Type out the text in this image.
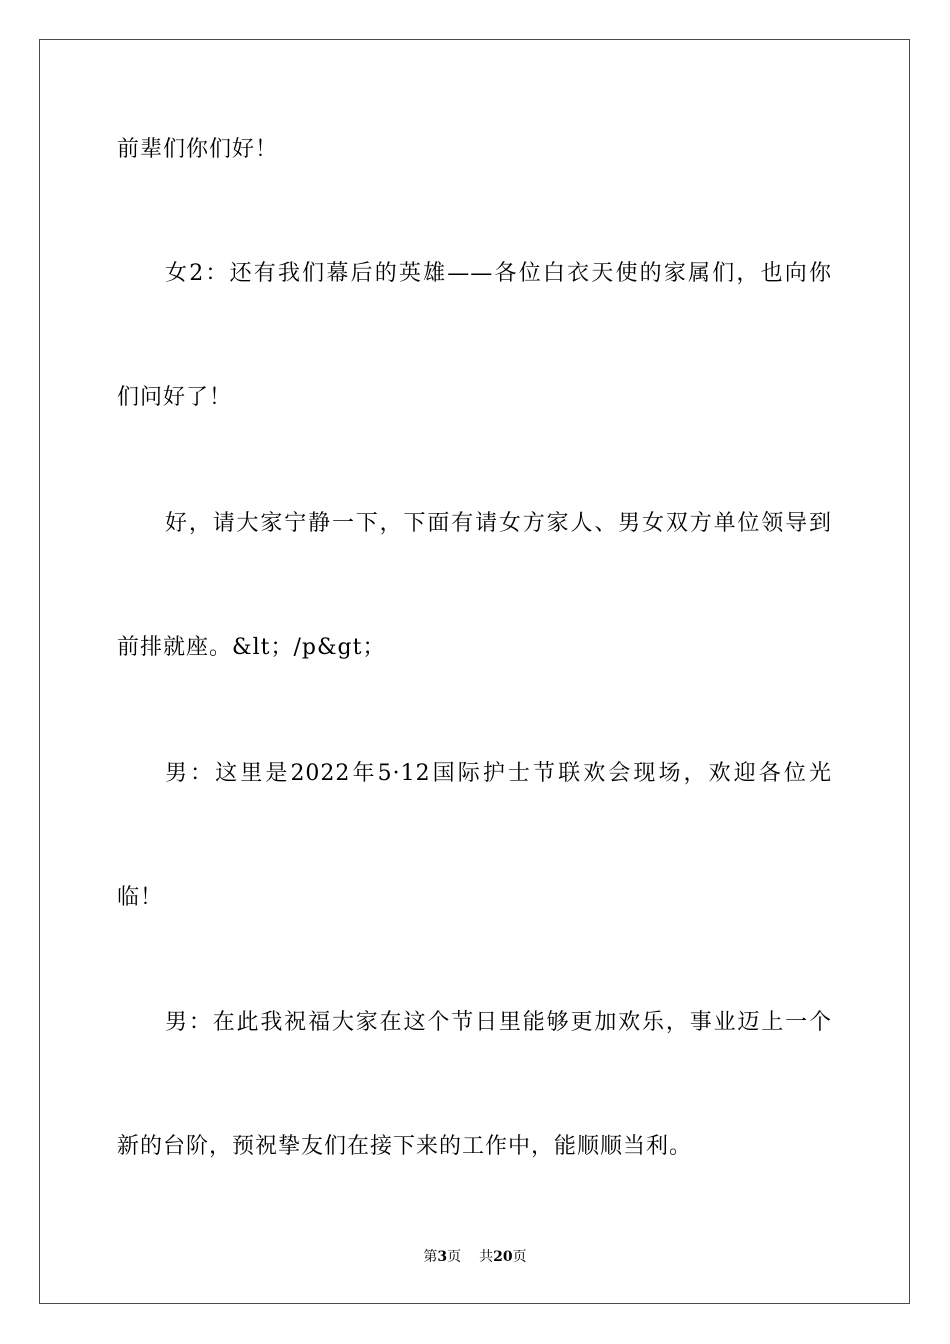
前辈们你们好！
女2：还有我们幕后的英雄——各位白衣天使的家属们，也向你
们问好了！
好，请大家宁静一下，下面有请女方家人、男女双方单位领导到
前排就座。&lt；/p&gt；
男：这里是2022年5·12国际护士节联欢会现场，欢迎各位光
临！
男：在此我祝福大家在这个节日里能够更加欢乐，事业迈上一个
新的台阶，预祝挚友们在接下来的工作中，能顺顺当利。
第3页 共20页
